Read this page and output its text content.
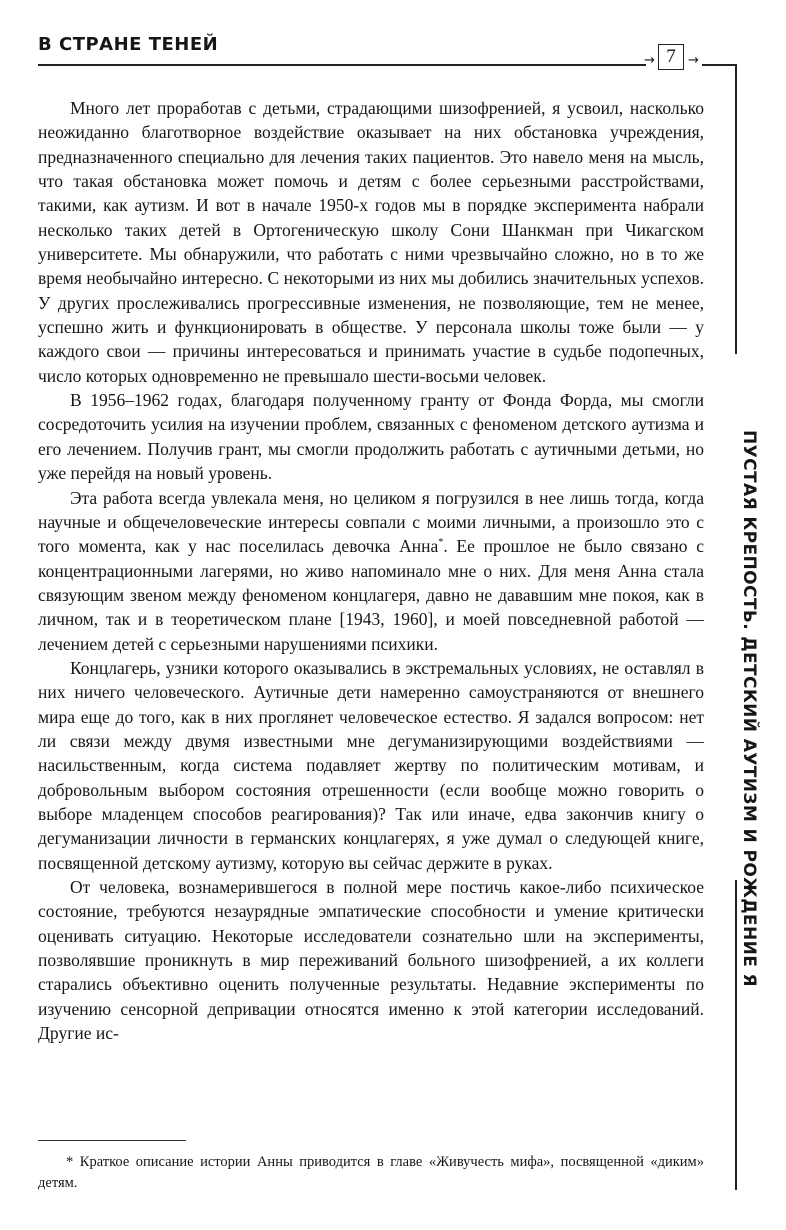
В СТРАНЕ ТЕНЕЙ
→ 7 →
ПУСТАЯ КРЕПОСТЬ. ДЕТСКИЙ АУТИЗМ И РОЖДЕНИЕ Я

Много лет проработав с детьми, страдающими шизофренией, я усвоил, насколько неожиданно благотворное воздействие оказывает на них обстановка учреждения, предназначенного специально для лечения таких пациентов. Это навело меня на мысль, что такая обстановка может помочь и детям с более серьезными расстройствами, такими, как аутизм. И вот в начале 1950-х годов мы в порядке эксперимента набрали несколько таких детей в Ортогеническую школу Сони Шанкман при Чикагском университете. Мы обнаружили, что работать с ними чрезвычайно сложно, но в то же время необычайно интересно. С некоторыми из них мы добились значительных успехов. У других прослеживались прогрессивные изменения, не позволяющие, тем не менее, успешно жить и функционировать в обществе. У персонала школы тоже были — у каждого свои — причины интересоваться и принимать участие в судьбе подопечных, число которых одновременно не превышало шести-восьми человек.

В 1956–1962 годах, благодаря полученному гранту от Фонда Форда, мы смогли сосредоточить усилия на изучении проблем, связанных с феноменом детского аутизма и его лечением. Получив грант, мы смогли продолжить работать с аутичными детьми, но уже перейдя на новый уровень.

Эта работа всегда увлекала меня, но целиком я погрузился в нее лишь тогда, когда научные и общечеловеческие интересы совпали с моими личными, а произошло это с того момента, как у нас поселилась девочка Анна*. Ее прошлое не было связано с концентрационными лагерями, но живо напоминало мне о них. Для меня Анна стала связующим звеном между феноменом концлагеря, давно не дававшим мне покоя, как в личном, так и в теоретическом плане [1943, 1960], и моей повседневной работой — лечением детей с серьезными нарушениями психики.

Концлагерь, узники которого оказывались в экстремальных условиях, не оставлял в них ничего человеческого. Аутичные дети намеренно самоустраняются от внешнего мира еще до того, как в них проглянет человеческое естество. Я задался вопросом: нет ли связи между двумя известными мне дегуманизирующими воздействиями — насильственным, когда система подавляет жертву по политическим мотивам, и добровольным выбором состояния отрешенности (если вообще можно говорить о выборе младенцем способов реагирования)? Так или иначе, едва закончив книгу о дегуманизации личности в германских концлагерях, я уже думал о следующей книге, посвященной детскому аутизму, которую вы сейчас держите в руках.

От человека, вознамерившегося в полной мере постичь какое-либо психическое состояние, требуются незаурядные эмпатические способности и умение критически оценивать ситуацию. Некоторые исследователи сознательно шли на эксперименты, позволявшие проникнуть в мир переживаний больного шизофренией, а их коллеги старались объективно оценить полученные результаты. Недавние эксперименты по изучению сенсорной депривации относятся именно к этой категории исследований. Другие ис-

* Краткое описание истории Анны приводится в главе «Живучесть мифа», посвященной «диким» детям.
